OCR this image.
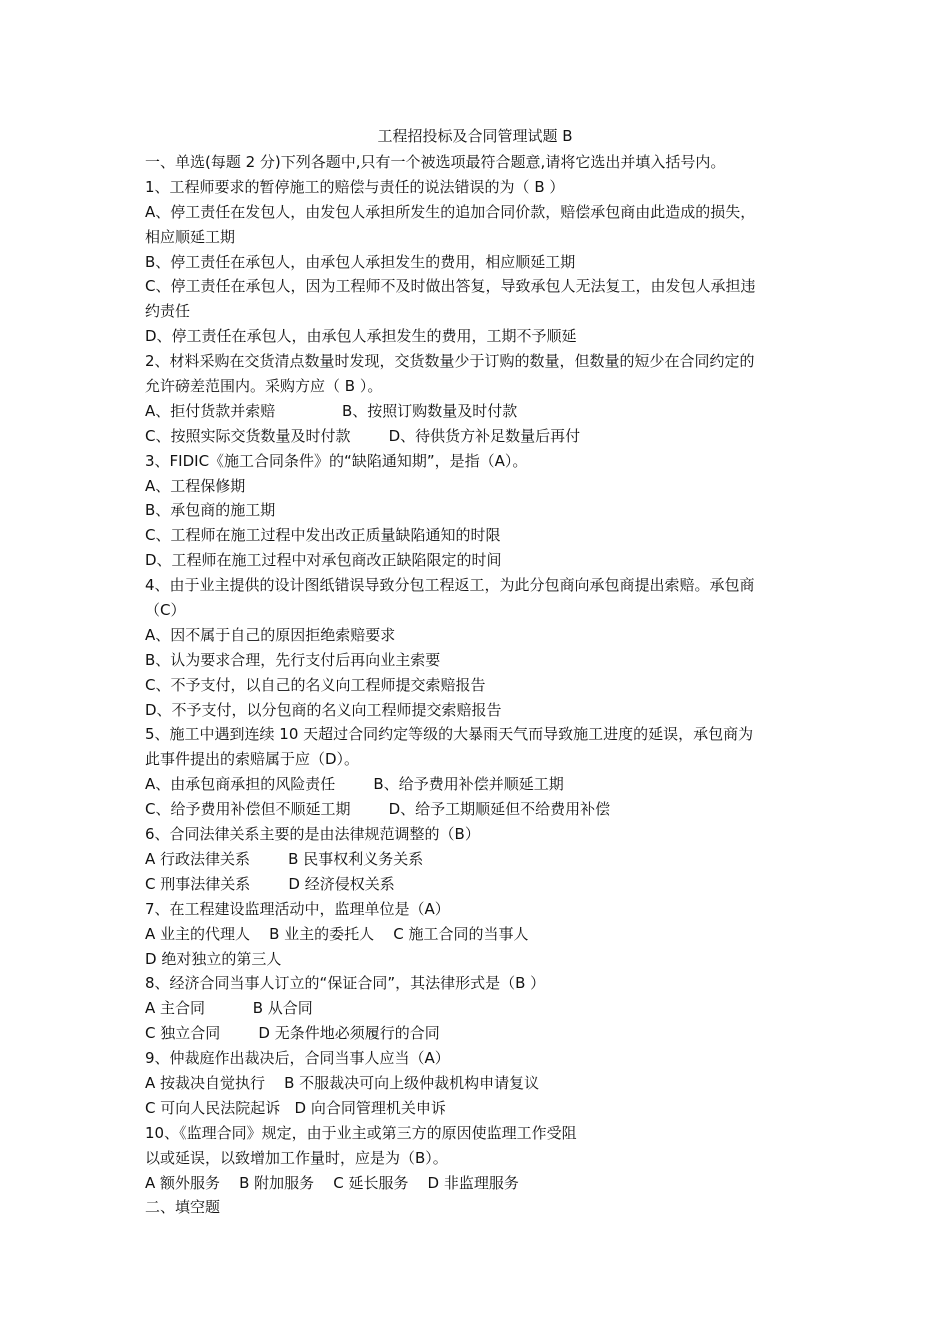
工程招投标及合同管理试题 B
一、单选(每题 2 分)下列各题中,只有一个被选项最符合题意,请将它选出并填入括号内。
1、工程师要求的暂停施工的赔偿与责任的说法错误的为（ B ）
A、停工责任在发包人，由发包人承担所发生的追加合同价款，赔偿承包商由此造成的损失，
相应顺延工期
B、停工责任在承包人，由承包人承担发生的费用，相应顺延工期
C、停工责任在承包人，因为工程师不及时做出答复，导致承包人无法复工，由发包人承担违
约责任
D、停工责任在承包人，由承包人承担发生的费用，工期不予顺延
2、材料采购在交货清点数量时发现，交货数量少于订购的数量，但数量的短少在合同约定的
允许磅差范围内。采购方应（ B ）。
A、拒付货款并索赔              B、按照订购数量及时付款
C、按照实际交货数量及时付款        D、待供货方补足数量后再付
3、FIDIC《施工合同条件》的“缺陷通知期”，是指（A）。
A、工程保修期
B、承包商的施工期
C、工程师在施工过程中发出改正质量缺陷通知的时限
D、工程师在施工过程中对承包商改正缺陷限定的时间
4、由于业主提供的设计图纸错误导致分包工程返工，为此分包商向承包商提出索赔。承包商
（C）
A、因不属于自己的原因拒绝索赔要求
B、认为要求合理，先行支付后再向业主索要
C、不予支付，以自己的名义向工程师提交索赔报告
D、不予支付，以分包商的名义向工程师提交索赔报告
5、施工中遇到连续 10 天超过合同约定等级的大暴雨天气而导致施工进度的延误，承包商为
此事件提出的索赔属于应（D）。
A、由承包商承担的风险责任        B、给予费用补偿并顺延工期
C、给予费用补偿但不顺延工期        D、给予工期顺延但不给费用补偿
6、合同法律关系主要的是由法律规范调整的（B）
A 行政法律关系        B 民事权利义务关系
C 刑事法律关系        D 经济侵权关系
7、在工程建设监理活动中，监理单位是（A）
A 业主的代理人    B 业主的委托人    C 施工合同的当事人
D 绝对独立的第三人
8、经济合同当事人订立的“保证合同”，其法律形式是（B ）
A 主合同          B 从合同
C 独立合同        D 无条件地必须履行的合同
9、仲裁庭作出裁决后，合同当事人应当（A）
A 按裁决自觉执行    B 不服裁决可向上级仲裁机构申请复议
C 可向人民法院起诉   D 向合同管理机关申诉
10、《监理合同》规定，由于业主或第三方的原因使监理工作受阻
以或延误，以致增加工作量时，应是为（B）。
A 额外服务    B 附加服务    C 延长服务    D 非监理服务
二、填空题
